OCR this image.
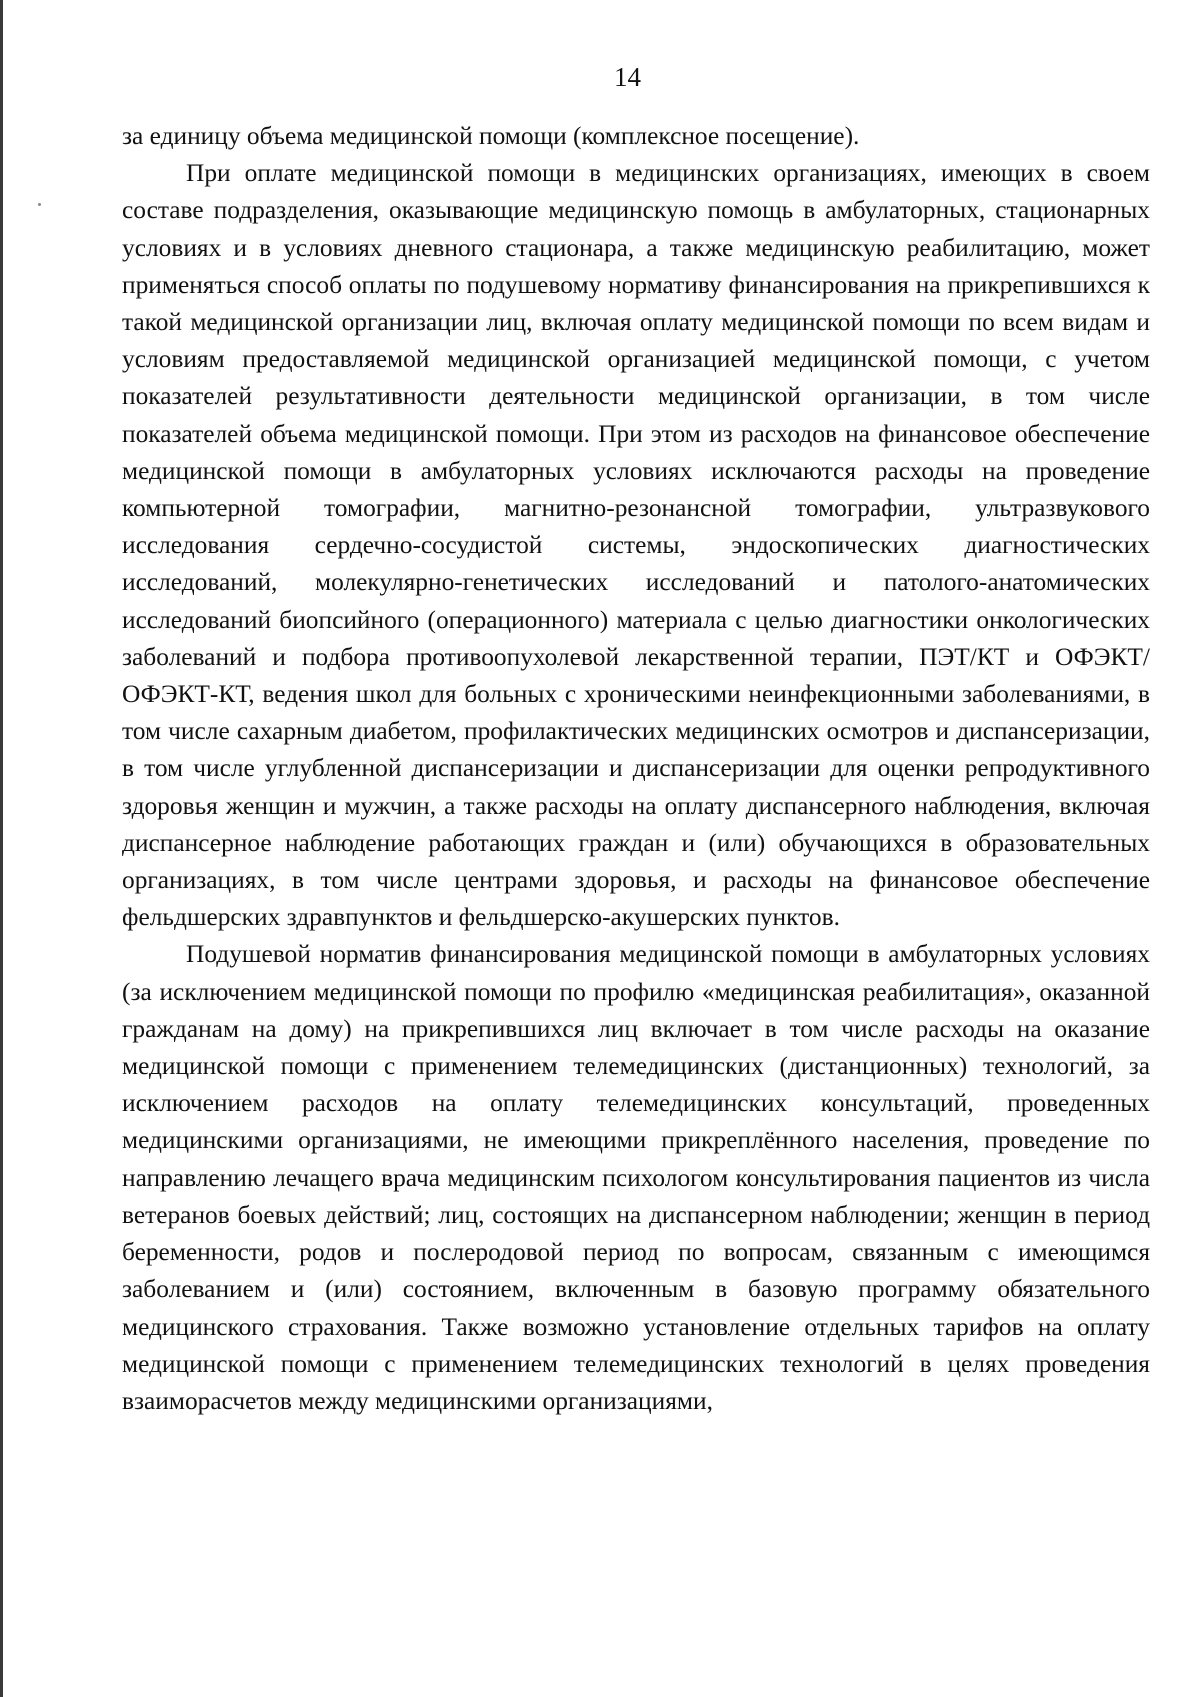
14

за единицу объема медицинской помощи (комплексное посещение).

При оплате медицинской помощи в медицинских организациях, имеющих в своем составе подразделения, оказывающие медицинскую помощь в амбулаторных, стационарных условиях и в условиях дневного стационара, а также медицинскую реабилитацию, может применяться способ оплаты по подушевому нормативу финансирования на прикрепившихся к такой медицинской организации лиц, включая оплату медицинской помощи по всем видам и условиям предоставляемой медицинской организацией медицинской помощи, с учетом показателей результативности деятельности медицинской организации, в том числе показателей объема медицинской помощи. При этом из расходов на финансовое обеспечение медицинской помощи в амбулаторных условиях исключаются расходы на проведение компьютерной томографии, магнитно-резонансной томографии, ультразвукового исследования сердечно-сосудистой системы, эндоскопических диагностических исследований, молекулярно-генетических исследований и патолого-анатомических исследований биопсийного (операционного) материала с целью диагностики онкологических заболеваний и подбора противоопухолевой лекарственной терапии, ПЭТ/КТ и ОФЭКТ/ОФЭКТ-КТ, ведения школ для больных с хроническими неинфекционными заболеваниями, в том числе сахарным диабетом, профилактических медицинских осмотров и диспансеризации, в том числе углубленной диспансеризации и диспансеризации для оценки репродуктивного здоровья женщин и мужчин, а также расходы на оплату диспансерного наблюдения, включая диспансерное наблюдение работающих граждан и (или) обучающихся в образовательных организациях, в том числе центрами здоровья, и расходы на финансовое обеспечение фельдшерских здравпунктов и фельдшерско-акушерских пунктов.

Подушевой норматив финансирования медицинской помощи в амбулаторных условиях (за исключением медицинской помощи по профилю «медицинская реабилитация», оказанной гражданам на дому) на прикрепившихся лиц включает в том числе расходы на оказание медицинской помощи с применением телемедицинских (дистанционных) технологий, за исключением расходов на оплату телемедицинских консультаций, проведенных медицинскими организациями, не имеющими прикреплённого населения, проведение по направлению лечащего врача медицинским психологом консультирования пациентов из числа ветеранов боевых действий; лиц, состоящих на диспансерном наблюдении; женщин в период беременности, родов и послеродовой период по вопросам, связанным с имеющимся заболеванием и (или) состоянием, включенным в базовую программу обязательного медицинского страхования. Также возможно установление отдельных тарифов на оплату медицинской помощи с применением телемедицинских технологий в целях проведения взаиморасчетов между медицинскими организациями,
